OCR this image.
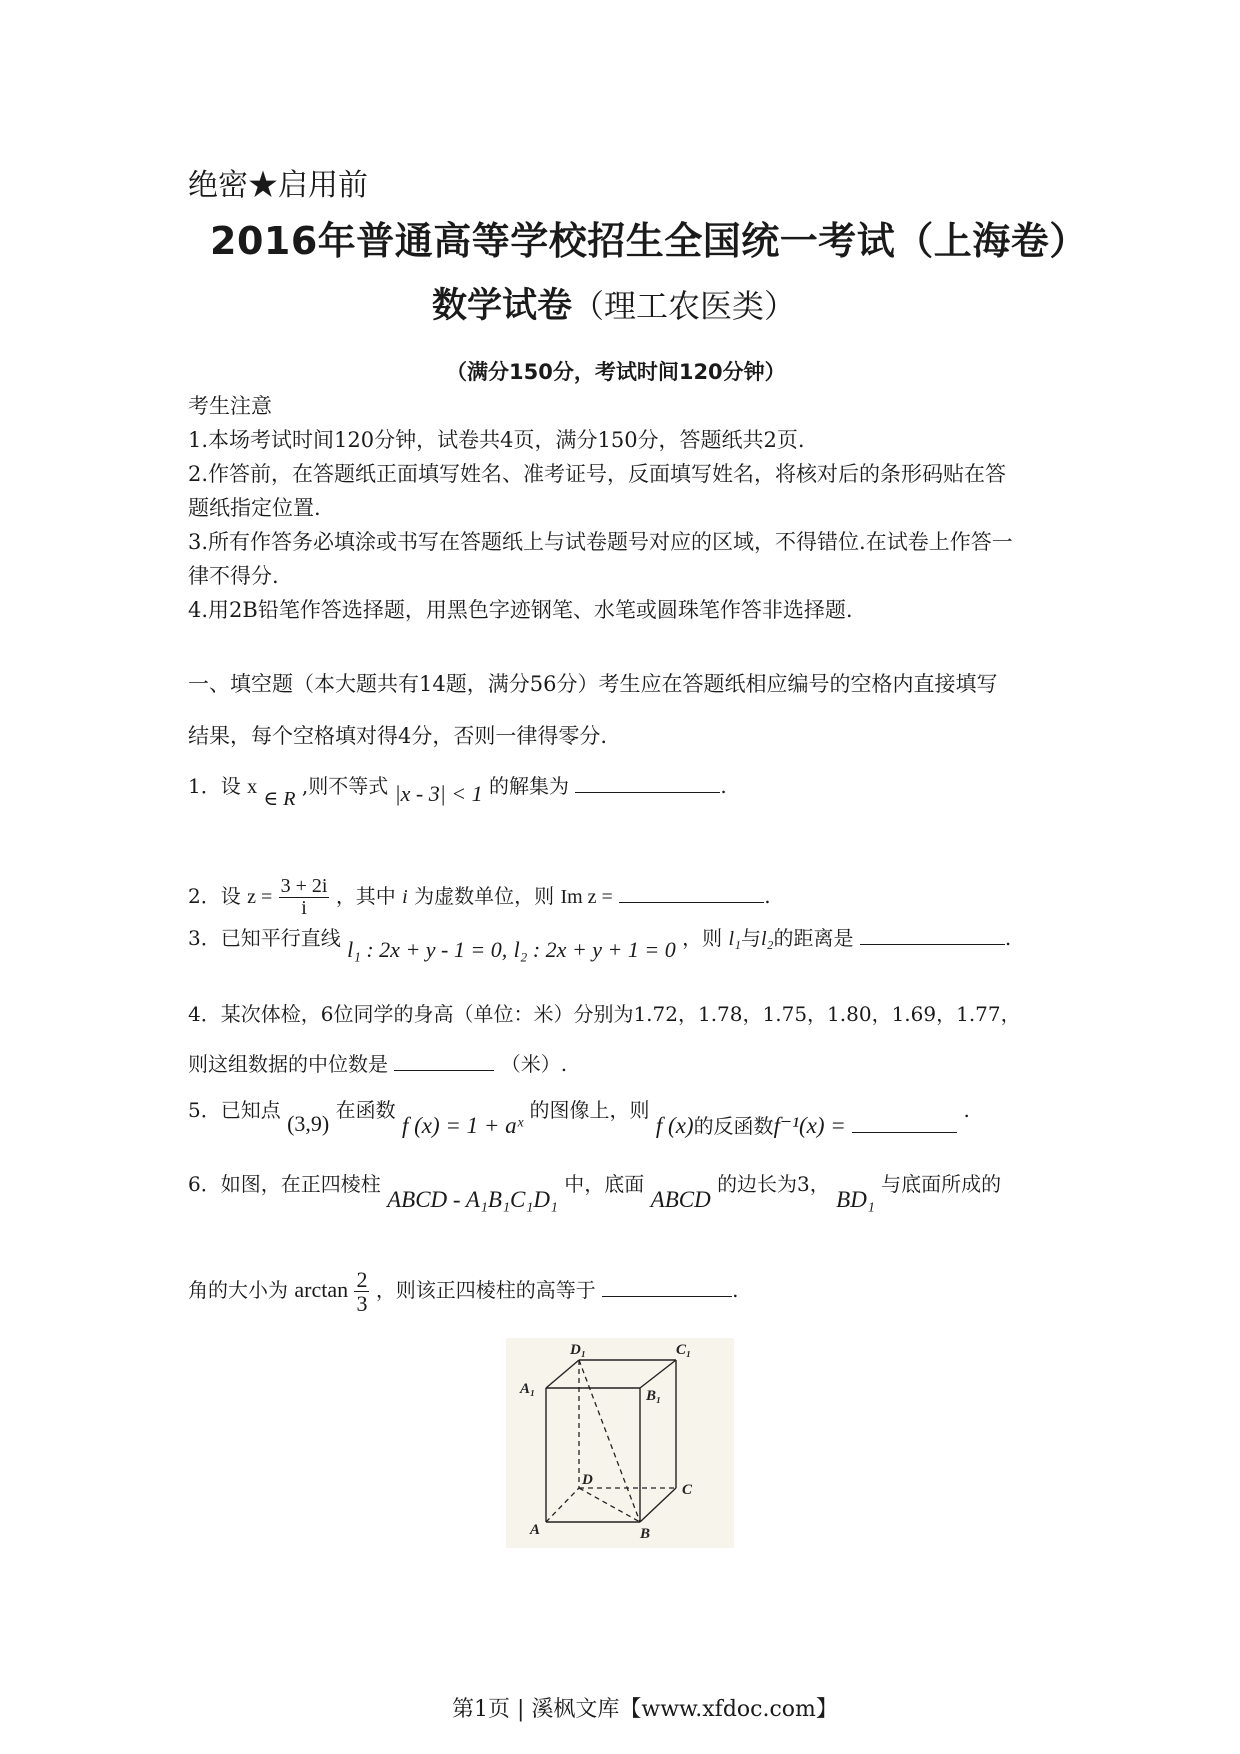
绝密★启用前
2016年普通高等学校招生全国统一考试（上海卷）
数学试卷（理工农医类）
（满分150分，考试时间120分钟）
考生注意
1.本场考试时间120分钟，试卷共4页，满分150分，答题纸共2页.
2.作答前，在答题纸正面填写姓名、准考证号，反面填写姓名，将核对后的条形码贴在答
题纸指定位置.
3.所有作答务必填涂或书写在答题纸上与试卷题号对应的区域，不得错位.在试卷上作答一
律不得分.
4.用2B铅笔作答选择题，用黑色字迹钢笔、水笔或圆珠笔作答非选择题.
一、填空题（本大题共有14题，满分56分）考生应在答题纸相应编号的空格内直接填写
结果，每个空格填对得4分，否则一律得零分.
1．设 x ∈ R ,则不等式 |x - 3| < 1 的解集为	.
2．设 $z = \frac{3 + 2i}{i}$ ，其中 i 为虚数单位，则 Im z =	.
3．已知平行直线 l₁ : 2x + y - 1 = 0, l₂ : 2x + y + 1 = 0 ，则 l₁与l₂的距离是	.
4．某次体检，6位同学的身高（单位：米）分别为1.72，1.78，1.75，1.80，1.69，1.77，
则这组数据的中位数是	（米）.
5．已知点 (3,9) 在函数 f (x) = 1 + aˣ 的图像上，则 f (x)的反函数f⁻¹(x) =  .
6．如图，在正四棱柱 ABCD - A₁B₁C₁D₁ 中，底面 ABCD 的边长为3， BD₁ 与底面所成的
角的大小为 $\arctan \frac{2}{3}$ ，则该正四棱柱的高等于	.
D₁	C₁
A₁	B₁
D
C
A	B
第1页 | 溪枫文库【www.xfdoc.com】
